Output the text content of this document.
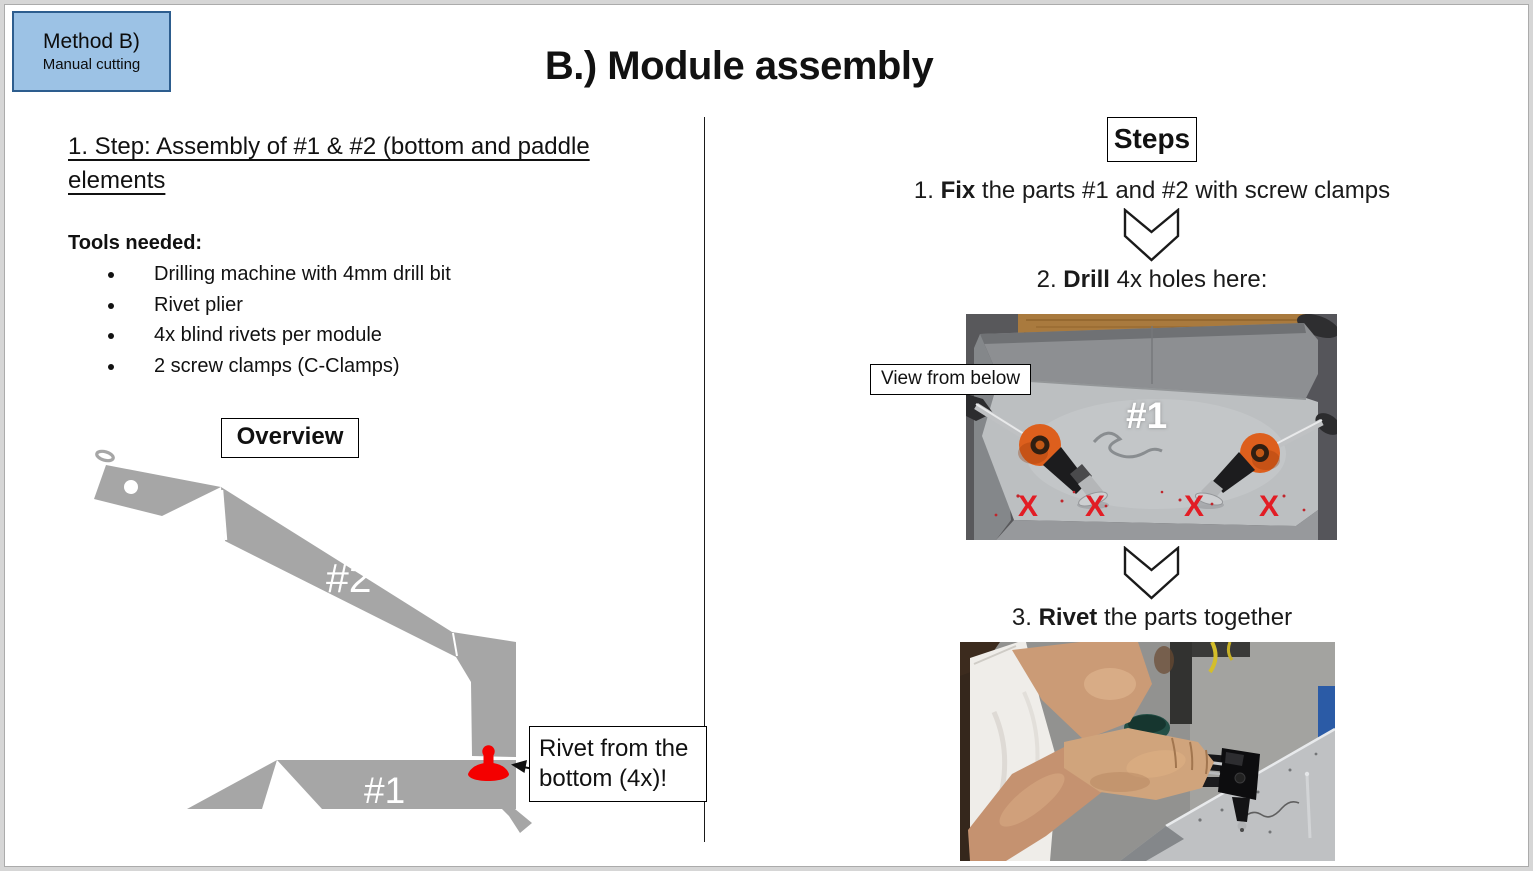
Method B)
Manual cutting	B.) Module assembly
1. Step: Assembly of #1 & #2 (bottom and paddle elements
Tools needed:
• Drilling machine with 4mm drill bit
• Rivet plier
• 4x blind rivets per module
• 2 screw clamps (C-Clamps)
Overview
#2
#1
Rivet from the bottom (4x)!
Steps
1. Fix the parts #1 and #2 with screw clamps
2. Drill 4x holes here:
View from below
#1
X X	X X
3. Rivet the parts together
